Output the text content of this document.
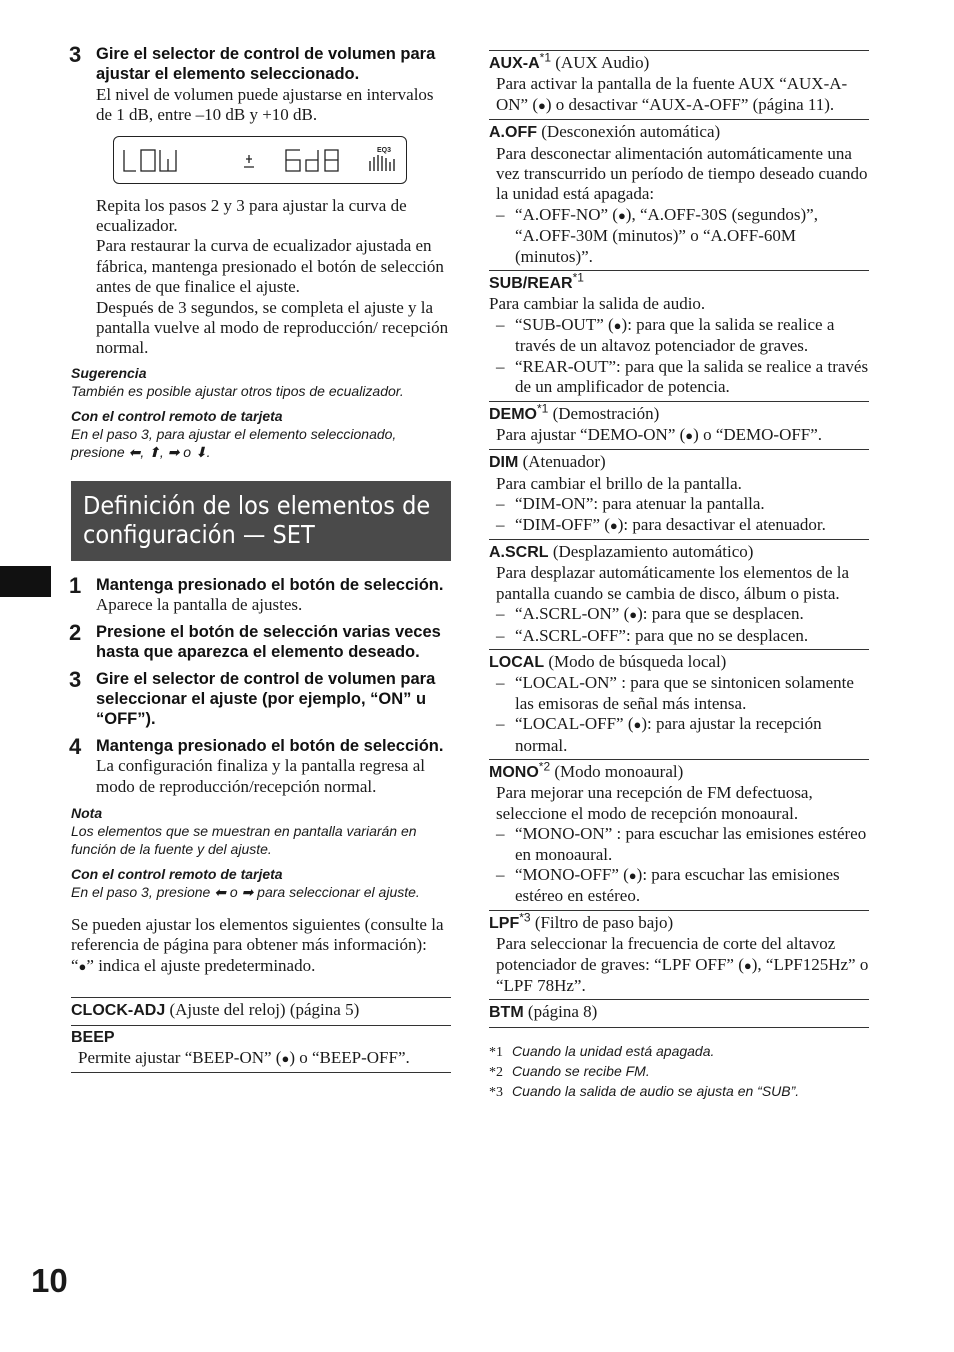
10
3 Gire el selector de control de volumen para ajustar el elemento seleccionado.
El nivel de volumen puede ajustarse en intervalos de 1 dB, entre –10 dB y +10 dB.
EQ3

Repita los pasos 2 y 3 para ajustar la curva de ecualizador.

Para restaurar la curva de ecualizador ajustada en fábrica, mantenga presionado el botón de selección antes de que finalice el ajuste.

Después de 3 segundos, se completa el ajuste y la pantalla vuelve al modo de reproducción/ recepción normal.

Sugerencia
También es posible ajustar otros tipos de ecualizador.
Con el control remoto de tarjeta
En el paso 3, para ajustar el elemento seleccionado, presione ⬅, ⬆, ➡ o ⬇.
Definición de los elementos de configuración — SET
1 Mantenga presionado el botón de selección.
Aparece la pantalla de ajustes.
2 Presione el botón de selección varias veces hasta que aparezca el elemento deseado.
3 Gire el selector de control de volumen para seleccionar el ajuste (por ejemplo, “ON” u “OFF”).
4 Mantenga presionado el botón de selección.
La configuración finaliza y la pantalla regresa al modo de reproducción/recepción normal.
Nota
Los elementos que se muestran en pantalla variarán en función de la fuente y del ajuste.
Con el control remoto de tarjeta
En el paso 3, presione ⬅ o ➡ para seleccionar el ajuste.
Se pueden ajustar los elementos siguientes (consulte la referencia de página para obtener más información):
“●” indica el ajuste predeterminado.
CLOCK-ADJ (Ajuste del reloj) (página 5)
BEEP
Permite ajustar “BEEP-ON” (●) o “BEEP-OFF”.
AUX-$A^{*1}$ (AUX Audio)
Para activar la pantalla de la fuente AUX “AUX-A-ON” (●) o desactivar “AUX-A-OFF” (página 11).
A.OFF (Desconexión automática)
Para desconectar alimentación automáticamente una vez transcurrido un período de tiempo deseado cuando la unidad está apagada:
– “A.OFF-NO” (●), “A.OFF-30S (segundos)”, “A.OFF-30M (minutos)” o “A.OFF-60M (minutos)”.
SUB/REAR$^{*1}$
Para cambiar la salida de audio.
– “SUB-OUT” (●): para que la salida se realice a través de un altavoz potenciador de graves.
– “REAR-OUT”: para que la salida se realice a través de un amplificador de potencia.
DEMO$^{*1}$ (Demostración)
Para ajustar “DEMO-ON” (●) o “DEMO-OFF”.
DIM (Atenuador)
Para cambiar el brillo de la pantalla.
– “DIM-ON”: para atenuar la pantalla.
– “DIM-OFF” (●): para desactivar el atenuador.
A.SCRL (Desplazamiento automático)
Para desplazar automáticamente los elementos de la pantalla cuando se cambia de disco, álbum o pista.
– “A.SCRL-ON” (●): para que se desplacen.
– “A.SCRL-OFF”: para que no se desplacen.
LOCAL (Modo de búsqueda local)
– “LOCAL-ON” : para que se sintonicen solamente las emisoras de señal más intensa.
– “LOCAL-OFF” (●): para ajustar la recepción normal.
MONO$^{*2}$ (Modo monoaural)
Para mejorar una recepción de FM defectuosa, seleccione el modo de recepción monoaural.
– “MONO-ON” : para escuchar las emisiones estéreo en monoaural.
– “MONO-OFF” (●): para escuchar las emisiones estéreo en estéreo.
LPF$^{*3}$ (Filtro de paso bajo)
Para seleccionar la frecuencia de corte del altavoz potenciador de graves: “LPF OFF” (●), “LPF125Hz” o “LPF 78Hz”.
BTM (página 8)
*1 Cuando la unidad está apagada.
*2 Cuando se recibe FM.
*3 Cuando la salida de audio se ajusta en “SUB”.
